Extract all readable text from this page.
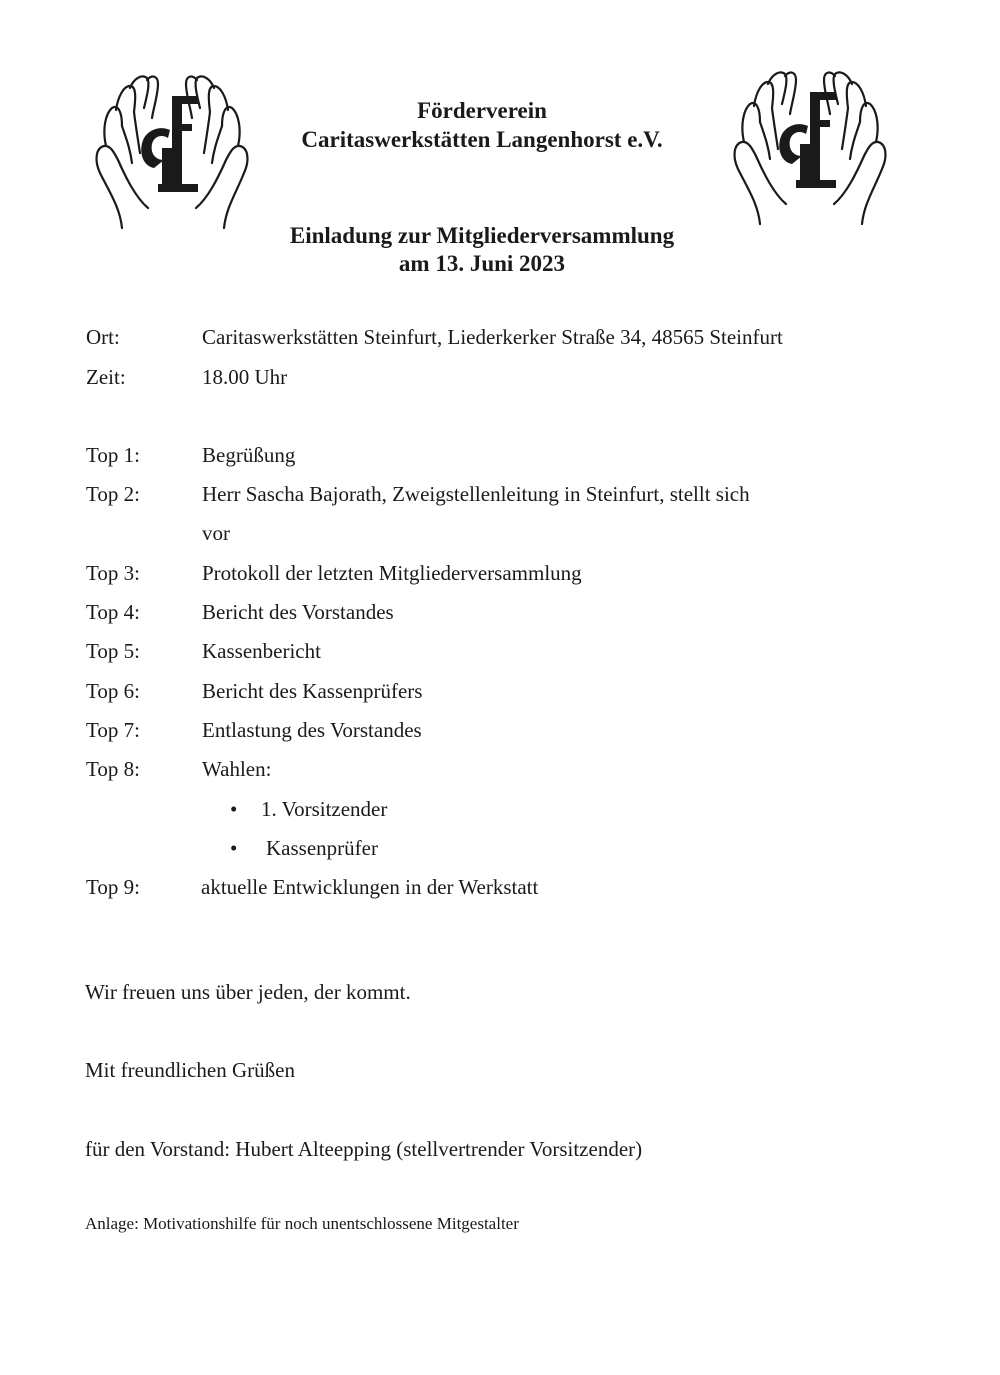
Förderverein
Caritaswerkstätten Langenhorst e.V.
Einladung zur Mitgliederversammlung
am 13. Juni 2023
Ort:	Caritaswerkstätten Steinfurt, Liederkerker Straße 34, 48565 Steinfurt
Zeit:	18.00 Uhr
Top 1:	Begrüßung
Top 2:	Herr Sascha Bajorath, Zweigstellenleitung in Steinfurt, stellt sich
vor
Top 3:	Protokoll der letzten Mitgliederversammlung
Top 4:	Bericht des Vorstandes
Top 5:	Kassenbericht
Top 6:	Bericht des Kassenprüfers
Top 7:	Entlastung des Vorstandes
Top 8:	Wahlen:
• 1. Vorsitzender
• Kassenprüfer
Top 9:	aktuelle Entwicklungen in der Werkstatt
Wir freuen uns über jeden, der kommt.
Mit freundlichen Grüßen
für den Vorstand: Hubert Alteepping (stellvertrender Vorsitzender)
Anlage: Motivationshilfe für noch unentschlossene Mitgestalter
